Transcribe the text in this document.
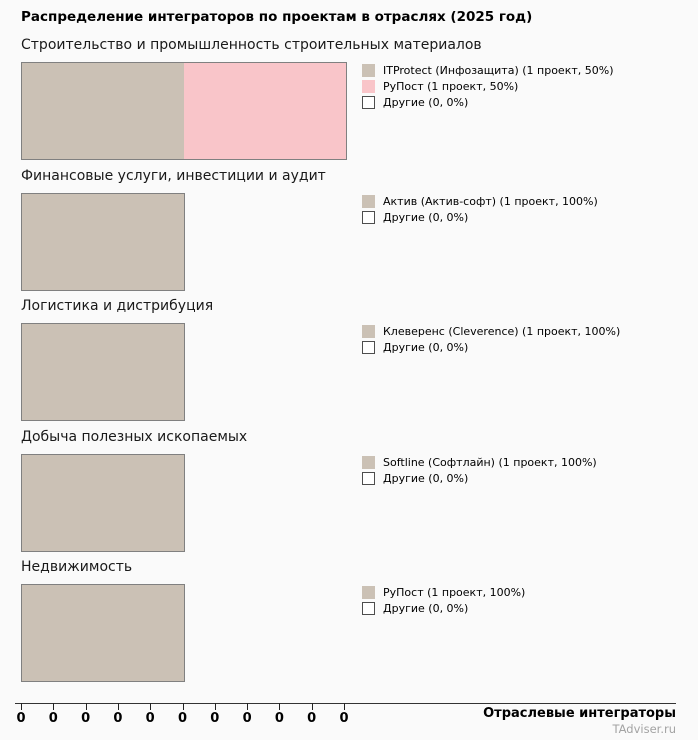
Распределение интеграторов по проектам в отраслях (2025 год)
Строительство и промышленность строительных материалов
ITProtect (Инфозащита) (1 проект, 50%)
РуПост (1 проект, 50%)
Другие (0, 0%)
Финансовые услуги, инвестиции и аудит
Актив (Актив-софт) (1 проект, 100%)
Другие (0, 0%)
Логистика и дистрибуция
Клеверенс (Cleverence) (1 проект, 100%)
Другие (0, 0%)
Добыча полезных ископаемых
Softline (Софтлайн) (1 проект, 100%)
Другие (0, 0%)
Недвижимость
РуПост (1 проект, 100%)
Другие (0, 0%)
0 0 0 0 0 0 0 0 0 0 0	Отраслевые интеграторы
TAdviser.ru
